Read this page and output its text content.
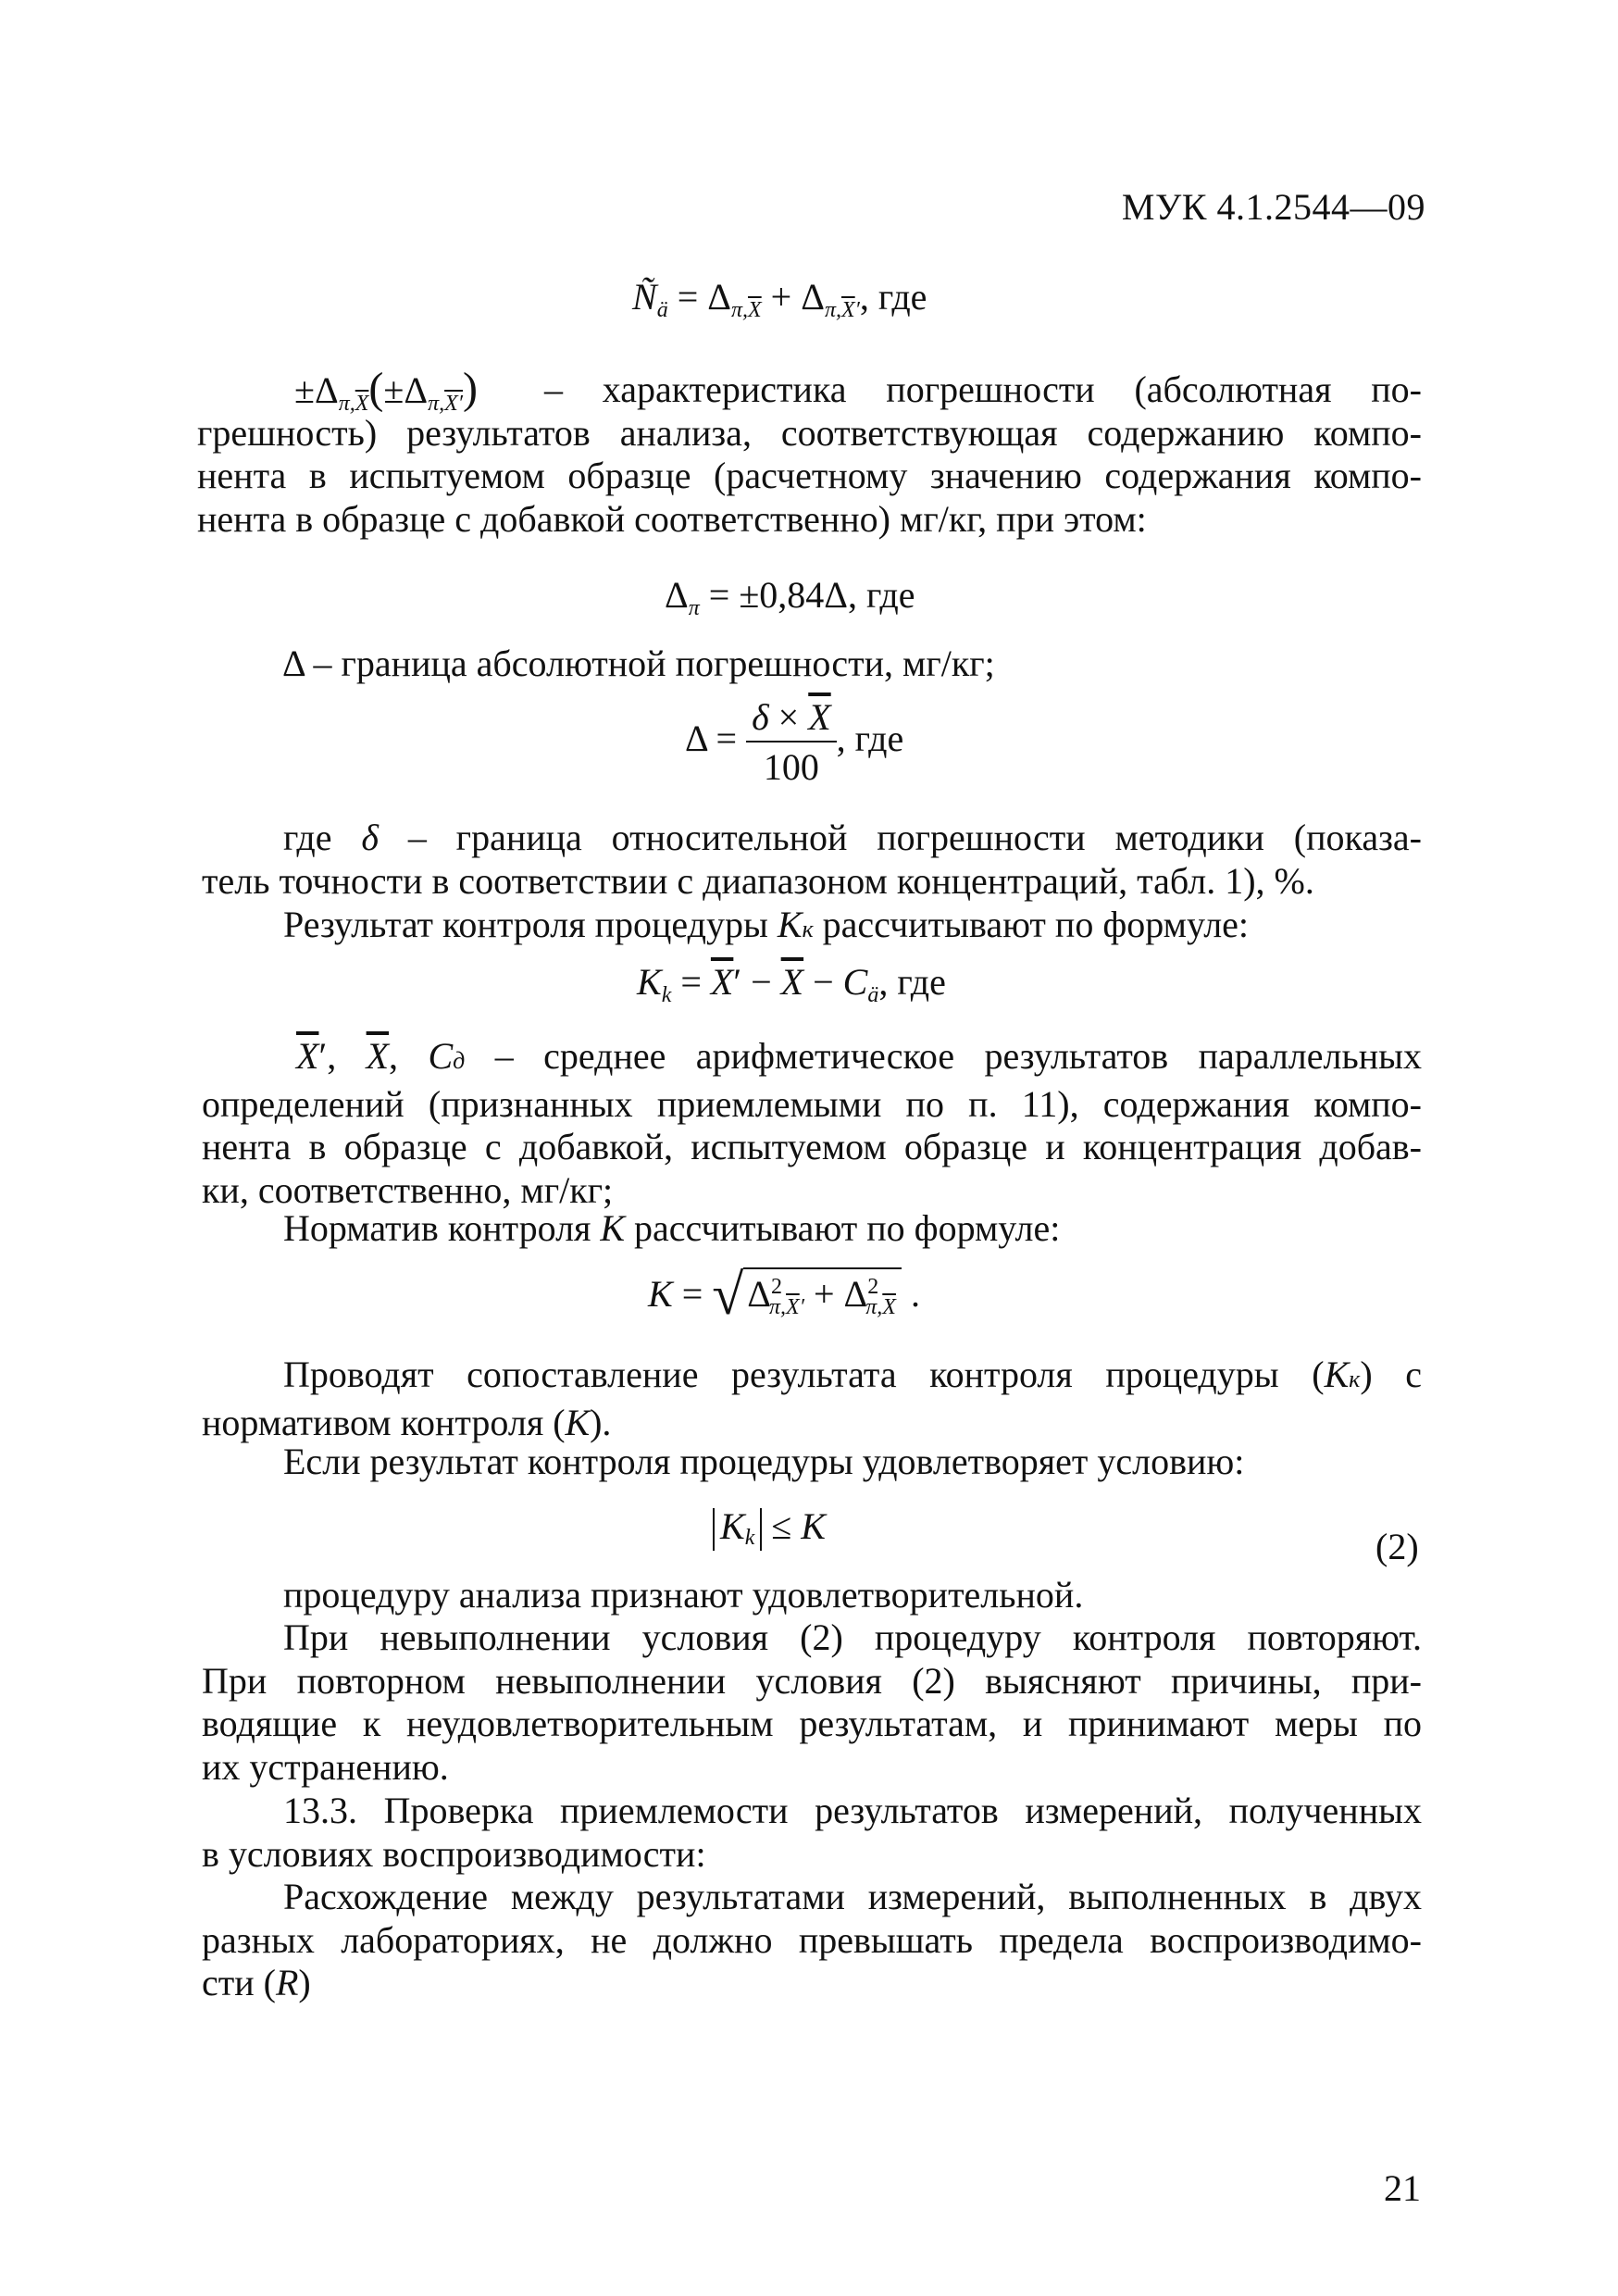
МУК 4.1.2544—09
$Ñ_ä = \Delta_{\pi,\overline{X}} + \Delta_{\pi,\overline{X}'}$, где
$\pm\Delta_{\pi,\overline{X}}(\pm\Delta_{\pi,X'})$	– характеристика погрешности (абсолютная по-
грешность) результатов анализа, соответствующая содержанию компо-
нента в испытуемом образце (расчетному значению содержания компо-
нента в образце с добавкой соответственно) мг/кг, при этом:
$\Delta_\pi = \pm 0,84\Delta$, где
Δ – граница абсолютной погрешности, мг/кг;
$\Delta = \frac{\delta \times \overline{X}}{100}$ , где
где δ – граница относительной погрешности методики (показа-
тель точности в соответствии с диапазоном концентраций, табл. 1), %.
Результат контроля процедуры Кк рассчитывают по формуле:
$K_k = \overline{X}' - \overline{X} - C_ä$, где
$\overline{X}'$, $\overline{X}$, Cд – среднее арифметическое результатов параллельных
определений (признанных приемлемыми по п. 11), содержания компо-
нента в образце с добавкой, испытуемом образце и концентрация добав-
ки, соответственно, мг/кг;
Норматив контроля К рассчитывают по формуле:
K = √ $\Delta^2_{\pi,\overline{X}'} + \Delta^2_{\pi,\overline{X}}$ .
Проводят сопоставление результата контроля процедуры (Кк) с
нормативом контроля (К).
Если результат контроля процедуры удовлетворяет условию:
$K_k \le K$	(2)
процедуру анализа признают удовлетворительной.
При невыполнении условия (2) процедуру контроля повторяют.
При повторном невыполнении условия (2) выясняют причины, при-
водящие к неудовлетворительным результатам, и принимают меры по
их устранению.
13.3. Проверка приемлемости результатов измерений, полученных
в условиях воспроизводимости:
Расхождение между результатами измерений, выполненных в двух
разных лабораториях, не должно превышать предела воспроизводимо-
сти (R)
21
